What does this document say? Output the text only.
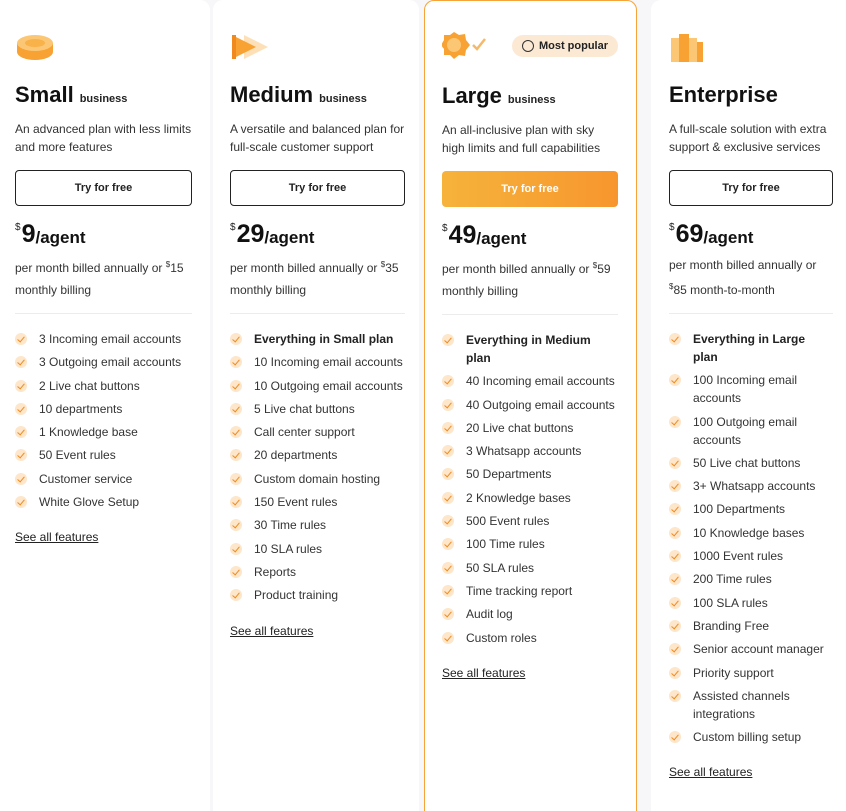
Small business
An advanced plan with less limits and more features
Try for free
$ 9 /agent
per month billed annually or $15 monthly billing
3 Incoming email accounts
3 Outgoing email accounts
2 Live chat buttons
10 departments
1 Knowledge base
50 Event rules
Customer service
White Glove Setup
See all features
Medium business
A versatile and balanced plan for full-scale customer support
Try for free
$ 29 /agent
per month billed annually or $35 monthly billing
Everything in Small plan
10 Incoming email accounts
10 Outgoing email accounts
5 Live chat buttons
Call center support
20 departments
Custom domain hosting
150 Event rules
30 Time rules
10 SLA rules
Reports
Product training
See all features
Most popular
Large business
An all-inclusive plan with sky high limits and full capabilities
Try for free
$ 49 /agent
per month billed annually or $59 monthly billing
Everything in Medium plan
40 Incoming email accounts
40 Outgoing email accounts
20 Live chat buttons
3 Whatsapp accounts
50 Departments
2 Knowledge bases
500 Event rules
100 Time rules
50 SLA rules
Time tracking report
Audit log
Custom roles
See all features
Enterprise
A full-scale solution with extra support & exclusive services
Try for free
$ 69 /agent
per month billed annually or $85 month-to-month
Everything in Large plan
100 Incoming email accounts
100 Outgoing email accounts
50 Live chat buttons
3+ Whatsapp accounts
100 Departments
10 Knowledge bases
1000 Event rules
200 Time rules
100 SLA rules
Branding Free
Senior account manager
Priority support
Assisted channels integrations
Custom billing setup
See all features
